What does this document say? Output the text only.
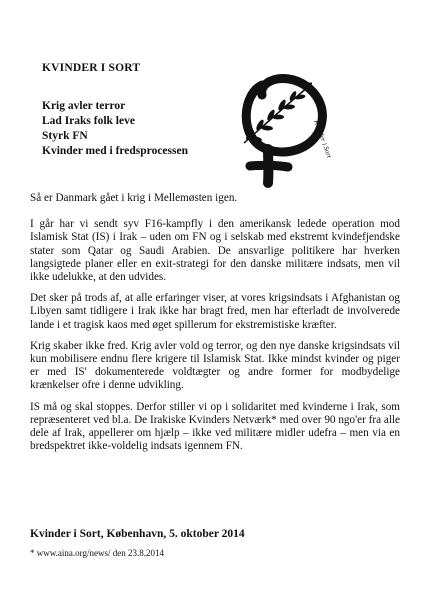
KVINDER I SORT
Krig avler terror
Lad Iraks folk leve
Styrk FN
Kvinder med i fredsprocessen	Kvinder i Sort

Så er Danmark gået i krig i Mellemøsten igen.

I går har vi sendt syv F16-kampfly i den amerikansk ledede operation mod Islamisk Stat (IS) i Irak – uden om FN og i selskab med ekstremt kvindefjendske stater som Qatar og Saudi Arabien. De ansvarlige politikere har hverken langsigtede planer eller en exit-strategi for den danske militære indsats, men vil ikke udelukke, at den udvides.

Det sker på trods af, at alle erfaringer viser, at vores krigsindsats i Afghanistan og Libyen samt tidligere i Irak ikke har bragt fred, men har efterladt de involverede lande i et tragisk kaos med øget spillerum for ekstremistiske kræfter.

Krig skaber ikke fred. Krig avler vold og terror, og den nye danske krigsindsats vil kun mobilisere endnu flere krigere til Islamisk Stat. Ikke mindst kvinder og piger er med IS' dokumenterede voldtægter og andre former for modbydelige krænkelser ofre i denne udvikling.

IS må og skal stoppes. Derfor stiller vi op i solidaritet med kvinderne i Irak, som repræsenteret ved bl.a. De Irakiske Kvinders Netværk* med over 90 ngo'er fra alle dele af Irak, appellerer om hjælp – ikke ved militære midler udefra – men via en bredspektret ikke-voldelig indsats igennem FN.

Kvinder i Sort, København, 5. oktober 2014
* www.aina.org/news/ den 23.8.2014
